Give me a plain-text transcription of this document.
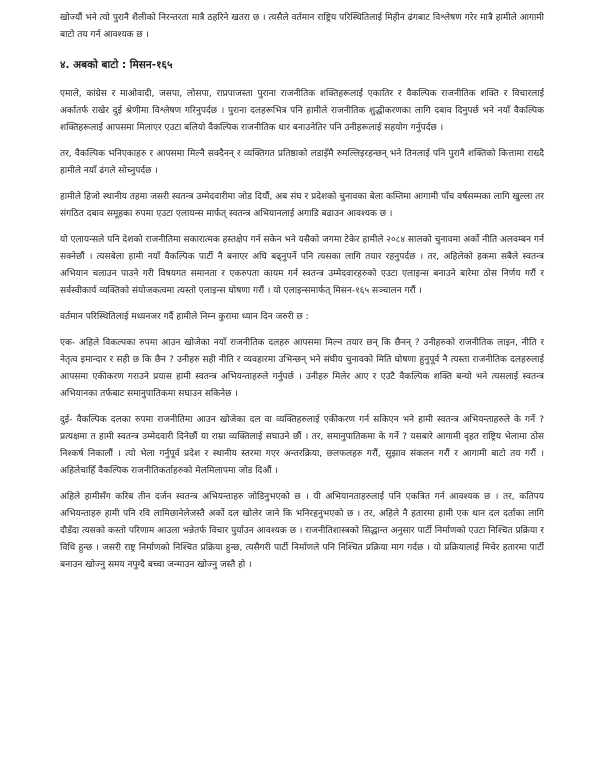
खोज्यौं भने त्यो पुरानै शैलीको निरन्तरता मात्रै ठहरिने खतरा छ । त्यसैले वर्तमान राष्ट्रिय परिस्थितिलाई मिहीन ढंगबाट विश्लेषण गरेर मात्रै हामीले आगामी बाटो तय गर्न आवश्यक छ ।

४. अबको बाटो : मिसन-१६५

एमाले, कांग्रेस र माओवादी, जसपा, लोसपा, राप्रपाजस्ता पुराना राजनीतिक शक्तिहरूलाई एकातिर र वैकल्पिक राजनीतिक शक्ति र विचारलाई अर्कातर्फ राखेर दुई श्रेणीमा विश्लेषण गरिनुपर्दछ । पुराना दलहरूभित्र पनि हामीले राजनीतिक शुद्धीकरणका लागि दबाव दिनुपर्छ भने नयाँ वैकल्पिक शक्तिहरूलाई आपसमा मिलाएर एउटा बलियो वैकल्पिक राजनीतिक धार बनाउनेतिर पनि उनीहरूलाई सहयोग गर्नुपर्दछ ।

तर, वैकल्पिक भनिएकाहरु र आपसमा मिल्नै सक्दैनन् र व्यक्तिगत प्रतिष्ठाको लडाइँमै रुमल्लिइरहन्छन् भने तिनलाई पनि पुरानै शक्तिको कित्तामा राख्दै हामीले नयाँ ढंगले सोच्नुपर्दछ ।

हामीले हिजो स्थानीय तहमा जसरी स्वतन्त्र उम्मेदवारीमा जोड दियौं, अब संघ र प्रदेशको चुनावका बेला कम्तिमा आगामी पाँच वर्षसम्मका लागि खुल्ला तर संगठित दबाव समूहका रुपमा एउटा एलायन्स मार्फत् स्वतन्त्र अभियानलाई अगाडि बढाउन आवश्यक छ ।

यो एलायन्सले पनि देशको राजनीतिमा सकारात्मक हस्तक्षेप गर्न सकेन भने यसैको जगमा टेकेर हामीले २०८४ सालको चुनावमा अर्को नीति अलवम्बन गर्न सक्नेछौं । त्यसबेला हामी नयाँ वैकल्पिक पार्टी नै बनाएर अघि बढ्नुपर्ने पनि त्यसका लागि तयार रहनुपर्दछ । तर, अहिलेको हकमा सबैले स्वतन्त्र अभियान चलाउन पाउने गरी विषयगत समानता र एकरुपता कायम गर्न स्वतन्त्र उम्मेदवारहरुको एउटा एलाइन्स बनाउने बारेमा ठोस निर्णय गरौं र सर्वस्वीकार्य व्यक्तिको संयोजकत्वमा त्यस्तो एलाइन्स घोषणा गरौं । यो एलाइन्समार्फत् मिसन-१६५ सञ्चालन गरौं ।

वर्तमान परिस्थितिलाई मध्यनजर गर्दै हामीले निम्न कुरामा ध्यान दिन जरुरी छ :

एक- अहिले विकल्पका रुपमा आउन खोजेका नयाँ राजनीतिक दलहरु आपसमा मिल्न तयार छन् कि छैनन् ? उनीहरुको राजनीतिक लाइन, नीति र नेतृत्व इमान्दार र सही छ कि छैन ? उनीहरु सही नीति र व्यवहारमा उभिन्छन् भने संघीय चुनावको मिति घोषणा हुनुपूर्व नै त्यस्ता राजनीतिक दलहरुलाई आपसमा एकीकरण गराउने प्रयास हामी स्वतन्त्र अभियन्ताहरुले गर्नुपर्छ । उनीहरु मिलेर आए र एउटै वैकल्पिक शक्ति बन्यो भने त्यसलाई स्वतन्त्र अभियानका तर्फबाट समानुपातिकमा सघाउन सकिनेछ ।

दुई- वैकल्पिक दलका रुपमा राजनीतिमा आउन खोजेका दल वा व्यक्तिहरुलाई एकीकरण गर्न सकिएन भने हामी स्वतन्त्र अभियन्ताहरुले के गर्ने ? प्रत्यक्षमा त हामी स्वतन्त्र उम्मेदवारी दिनेछौं या राम्रा व्यक्तिलाई सघाउने छौं । तर, समानुपातिकमा के गर्ने ? यसबारे आगामी वृहत राष्ट्रिय भेलामा ठोस निश्कर्ष निकालौं । त्यो भेला गर्नुपूर्व प्रदेश र स्थानीय स्तरमा गएर अन्तरक्रिया, छलफलहरु गरौं, सुझाव संकलन गरौं र आगामी बाटो तय गरौं । अहिलेचाहिँ वैकल्पिक राजनीतिकर्ताहरुको मेलमिलापमा जोड दिऔं ।

अहिले हामीसँग करिब तीन दर्जन स्वतन्त्र अभियन्ताहरु जोडिनुभएको छ । यी अभियानताहरुलाई पनि एकत्रित गर्न आवश्यक छ । तर, कतिपय अभियन्ताहरु हामी पनि रवि लामिछानेलेजस्तै अर्को दल खोलेर जाने कि भनिरहनुभएको छ । तर, अहिले नै हतारमा हामी एक थान दल दर्ताका लागि दौडँदा त्यसको कस्तो परिणाम आउला भन्नेतर्फ विचार पुर्याउन आवश्यक छ । राजनीतिशास्त्रको सिद्धान्त अनुसार पार्टी निर्माणको एउटा निश्चित प्रक्रिया र विधि हुन्छ । जसरी राष्ट्र निर्माणको निश्चित प्रक्रिया हुन्छ, त्यसैगरी पार्टी निर्माणले पनि निश्चित प्रक्रिया माग गर्दछ । यो प्रक्रियालाई मिचेर हतारमा पार्टी बनाउन खोज्नु समय नपुग्दै बच्चा जन्माउन खोज्नु जस्तै हो ।
